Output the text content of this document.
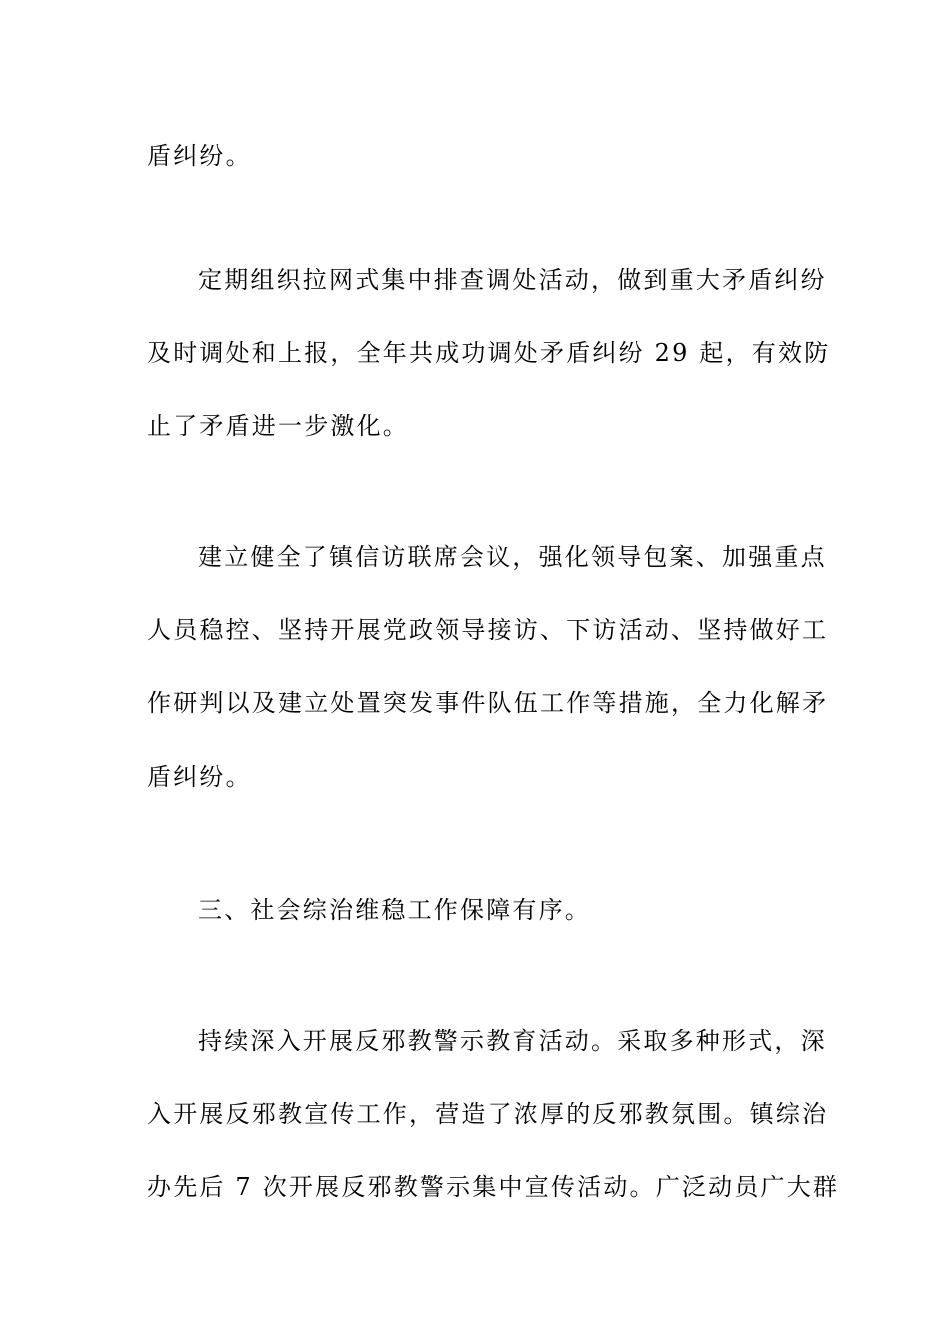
盾纠纷。
定期组织拉网式集中排查调处活动，做到重大矛盾纠纷
及时调处和上报，全年共成功调处矛盾纠纷 29 起，有效防
止了矛盾进一步激化。
建立健全了镇信访联席会议，强化领导包案、加强重点
人员稳控、坚持开展党政领导接访、下访活动、坚持做好工
作研判以及建立处置突发事件队伍工作等措施，全力化解矛
盾纠纷。
三、社会综治维稳工作保障有序。
持续深入开展反邪教警示教育活动。采取多种形式，深
入开展反邪教宣传工作，营造了浓厚的反邪教氛围。镇综治
办先后 7 次开展反邪教警示集中宣传活动。广泛动员广大群
